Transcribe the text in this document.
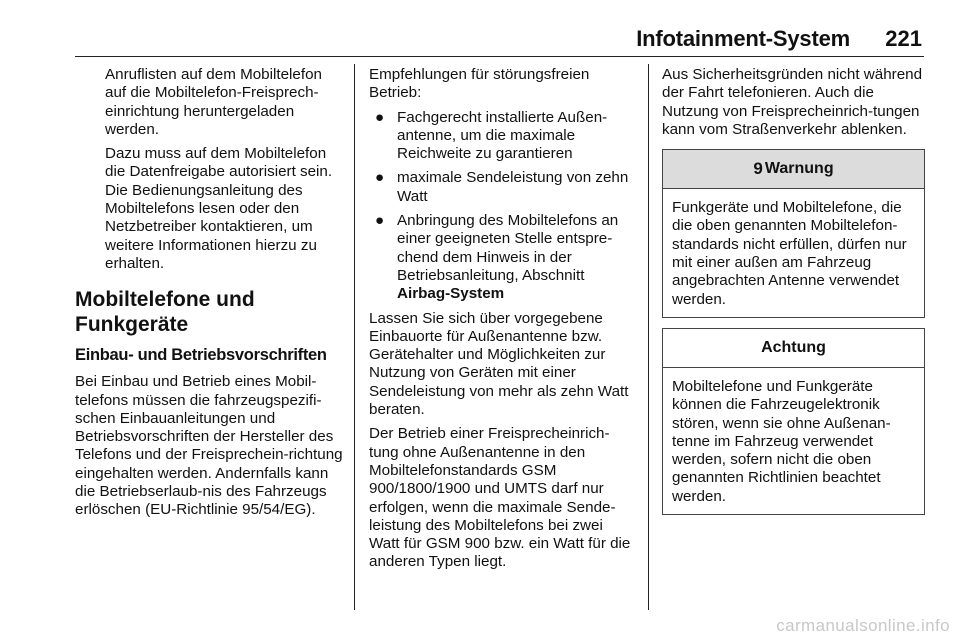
Infotainment-System 221

Anruflisten auf dem Mobiltelefon auf die Mobiltelefon-Freisprech-einrichtung heruntergeladen werden.

Dazu muss auf dem Mobiltelefon die Datenfreigabe autorisiert sein. Die Bedienungsanleitung des Mobiltelefons lesen oder den Netzbetreiber kontaktieren, um weitere Informationen hierzu zu erhalten.

Mobiltelefone und Funkgeräte
Einbau- und Betriebsvorschriften

Bei Einbau und Betrieb eines Mobil-telefons müssen die fahrzeugspezifi-schen Einbauanleitungen und Betriebsvorschriften der Hersteller des Telefons und der Freisprechein-richtung eingehalten werden. Andernfalls kann die Betriebserlaub-nis des Fahrzeugs erlöschen (EU-Richtlinie 95/54/EG).

Empfehlungen für störungsfreien Betrieb:

● Fachgerecht installierte Außen-antenne, um die maximale Reichweite zu garantieren
● maximale Sendeleistung von zehn Watt
● Anbringung des Mobiltelefons an einer geeigneten Stelle entspre-chend dem Hinweis in der Betriebsanleitung, Abschnitt
Airbag-System

Lassen Sie sich über vorgegebene Einbauorte für Außenantenne bzw. Gerätehalter und Möglichkeiten zur Nutzung von Geräten mit einer Sendeleistung von mehr als zehn Watt beraten.

Der Betrieb einer Freisprecheinrich-tung ohne Außenantenne in den Mobiltelefonstandards GSM 900/1800/1900 und UMTS darf nur erfolgen, wenn die maximale Sende-leistung des Mobiltelefons bei zwei Watt für GSM 900 bzw. ein Watt für die anderen Typen liegt.

Aus Sicherheitsgründen nicht während der Fahrt telefonieren. Auch die Nutzung von Freisprecheinrich-tungen kann vom Straßenverkehr ablenken.

9 Warnung
Funkgeräte und Mobiltelefone, die die oben genannten Mobiltelefon-standards nicht erfüllen, dürfen nur mit einer außen am Fahrzeug angebrachten Antenne verwendet werden.
Achtung
Mobiltelefone und Funkgeräte können die Fahrzeugelektronik stören, wenn sie ohne Außenan-tenne im Fahrzeug verwendet werden, sofern nicht die oben genannten Richtlinien beachtet werden.
carmanualsonline.info
